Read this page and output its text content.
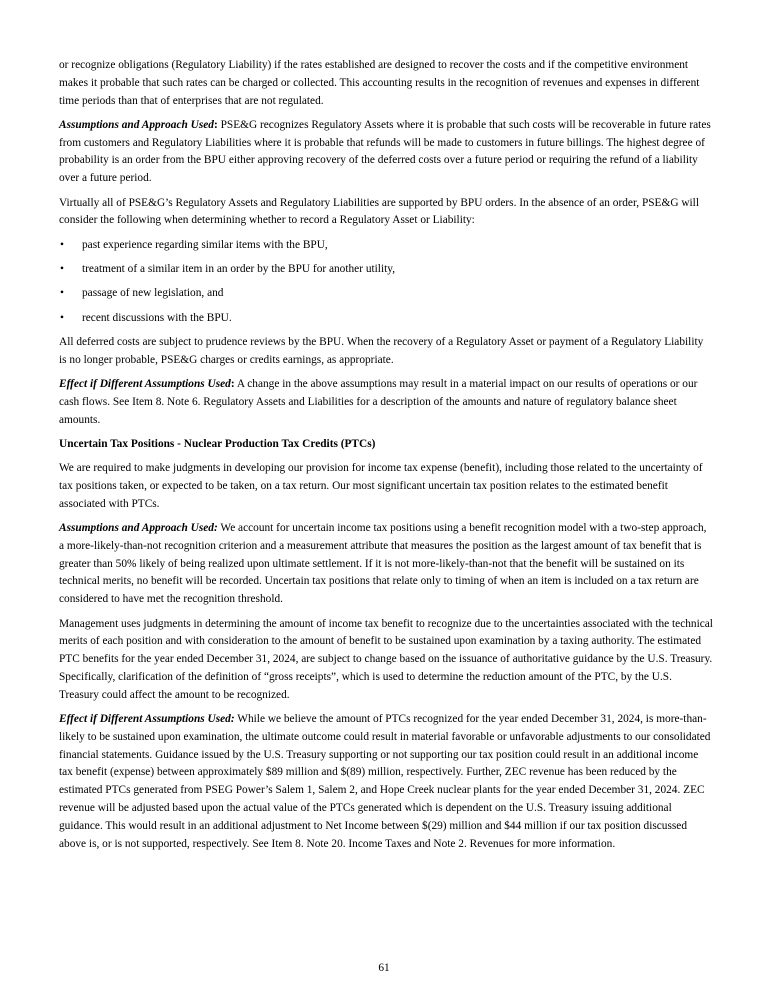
or recognize obligations (Regulatory Liability) if the rates established are designed to recover the costs and if the competitive environment makes it probable that such rates can be charged or collected. This accounting results in the recognition of revenues and expenses in different time periods than that of enterprises that are not regulated.

Assumptions and Approach Used: PSE&G recognizes Regulatory Assets where it is probable that such costs will be recoverable in future rates from customers and Regulatory Liabilities where it is probable that refunds will be made to customers in future billings. The highest degree of probability is an order from the BPU either approving recovery of the deferred costs over a future period or requiring the refund of a liability over a future period.

Virtually all of PSE&G’s Regulatory Assets and Regulatory Liabilities are supported by BPU orders. In the absence of an order, PSE&G will consider the following when determining whether to record a Regulatory Asset or Liability:

•	past experience regarding similar items with the BPU,
•	treatment of a similar item in an order by the BPU for another utility,
•	passage of new legislation, and
•	recent discussions with the BPU.

All deferred costs are subject to prudence reviews by the BPU. When the recovery of a Regulatory Asset or payment of a Regulatory Liability is no longer probable, PSE&G charges or credits earnings, as appropriate.

Effect if Different Assumptions Used: A change in the above assumptions may result in a material impact on our results of operations or our cash flows. See Item 8. Note 6. Regulatory Assets and Liabilities for a description of the amounts and nature of regulatory balance sheet amounts.

Uncertain Tax Positions - Nuclear Production Tax Credits (PTCs)

We are required to make judgments in developing our provision for income tax expense (benefit), including those related to the uncertainty of tax positions taken, or expected to be taken, on a tax return. Our most significant uncertain tax position relates to the estimated benefit associated with PTCs.

Assumptions and Approach Used: We account for uncertain income tax positions using a benefit recognition model with a two-step approach, a more-likely-than-not recognition criterion and a measurement attribute that measures the position as the largest amount of tax benefit that is greater than 50% likely of being realized upon ultimate settlement. If it is not more-likely-than-not that the benefit will be sustained on its technical merits, no benefit will be recorded. Uncertain tax positions that relate only to timing of when an item is included on a tax return are considered to have met the recognition threshold.

Management uses judgments in determining the amount of income tax benefit to recognize due to the uncertainties associated with the technical merits of each position and with consideration to the amount of benefit to be sustained upon examination by a taxing authority. The estimated PTC benefits for the year ended December 31, 2024, are subject to change based on the issuance of authoritative guidance by the U.S. Treasury. Specifically, clarification of the definition of “gross receipts”, which is used to determine the reduction amount of the PTC, by the U.S. Treasury could affect the amount to be recognized.

Effect if Different Assumptions Used: While we believe the amount of PTCs recognized for the year ended December 31, 2024, is more-than-likely to be sustained upon examination, the ultimate outcome could result in material favorable or unfavorable adjustments to our consolidated financial statements. Guidance issued by the U.S. Treasury supporting or not supporting our tax position could result in an additional income tax benefit (expense) between approximately $89 million and $(89) million, respectively. Further, ZEC revenue has been reduced by the estimated PTCs generated from PSEG Power’s Salem 1, Salem 2, and Hope Creek nuclear plants for the year ended December 31, 2024. ZEC revenue will be adjusted based upon the actual value of the PTCs generated which is dependent on the U.S. Treasury issuing additional guidance. This would result in an additional adjustment to Net Income between $(29) million and $44 million if our tax position discussed above is, or is not supported, respectively. See Item 8. Note 20. Income Taxes and Note 2. Revenues for more information.

61
